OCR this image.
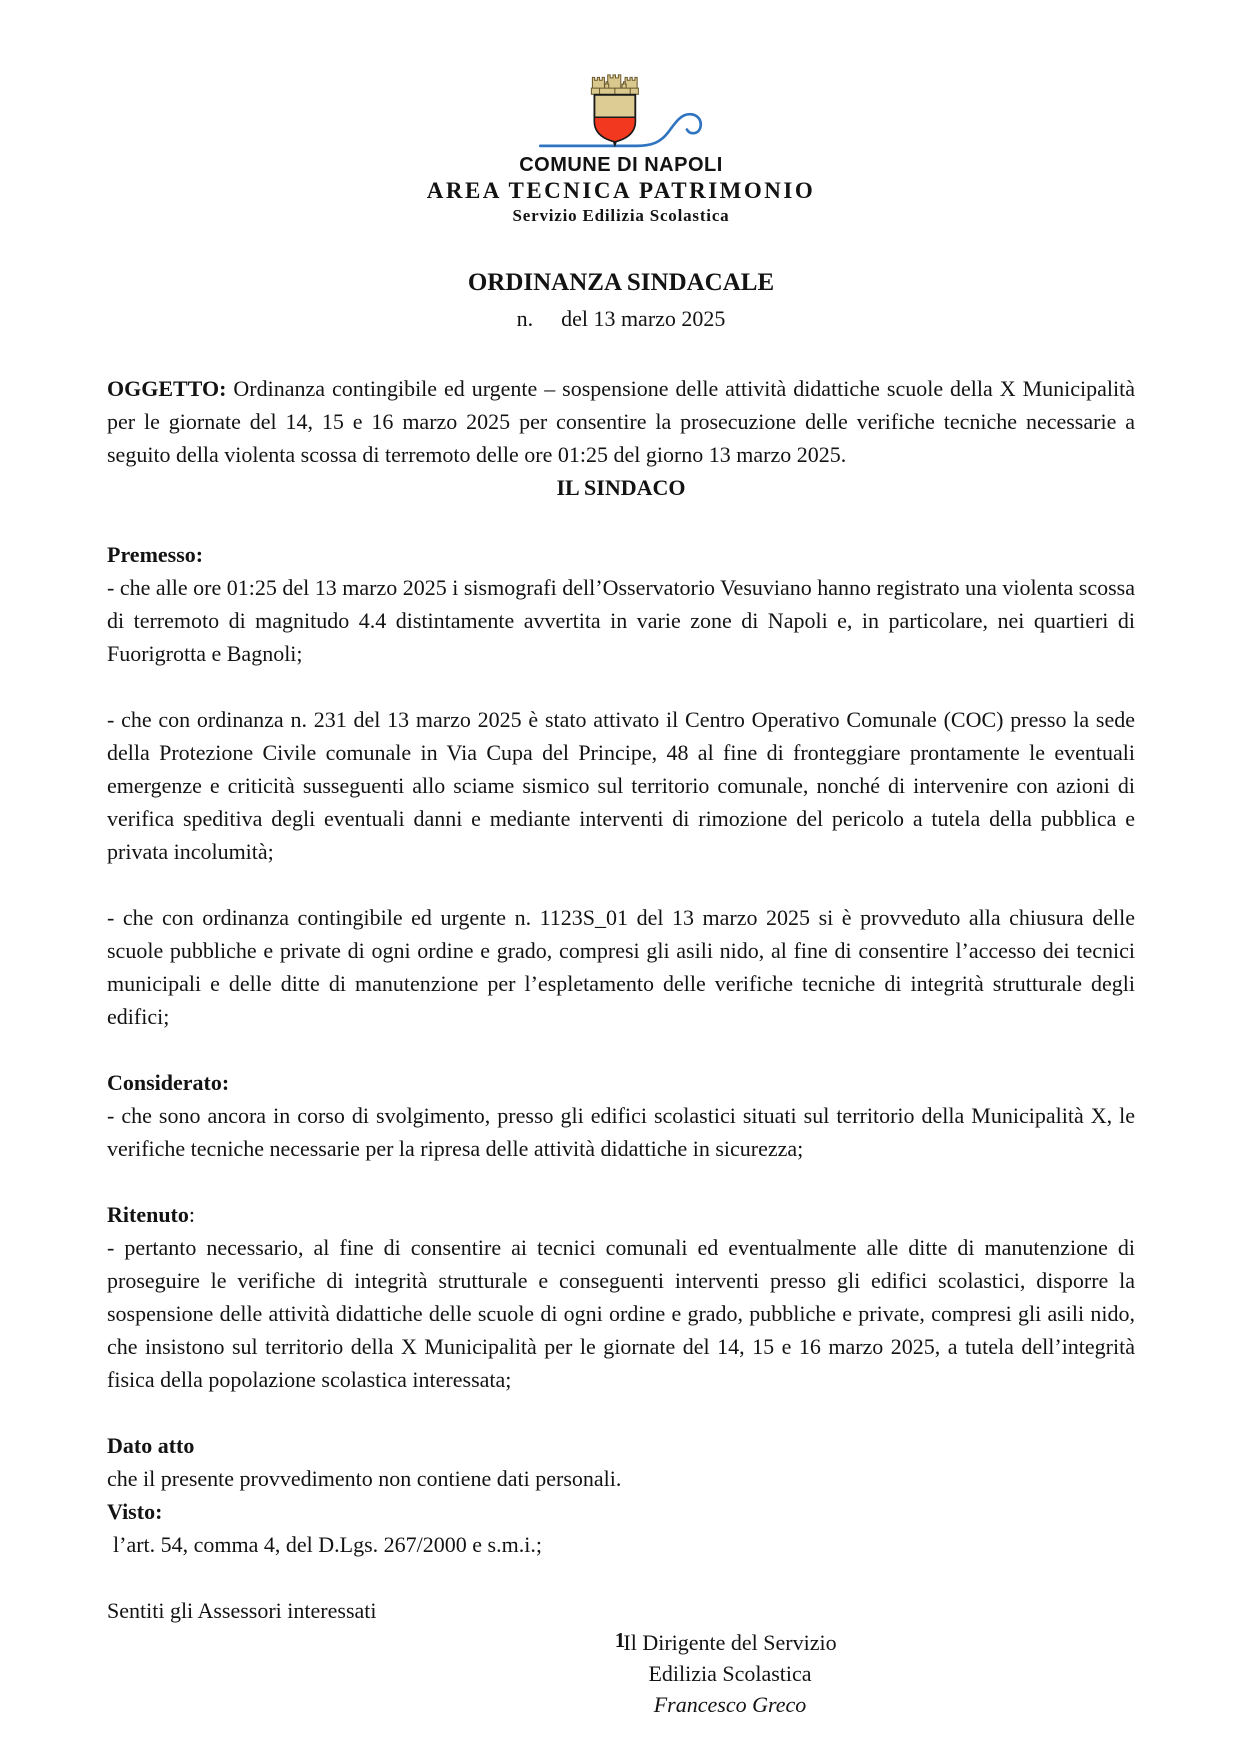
COMUNE DI NAPOLI
AREA TECNICA PATRIMONIO
Servizio Edilizia Scolastica
ORDINANZA SINDACALE
n. del 13 marzo 2025

OGGETTO: Ordinanza contingibile ed urgente – sospensione delle attività didattiche scuole della X Municipalità per le giornate del 14, 15 e 16 marzo 2025 per consentire la prosecuzione delle verifiche tecniche necessarie a seguito della violenta scossa di terremoto delle ore 01:25 del giorno 13 marzo 2025.

IL SINDACO
Premesso:

- che alle ore 01:25 del 13 marzo 2025 i sismografi dell’Osservatorio Vesuviano hanno registrato una violenta scossa di terremoto di magnitudo 4.4 distintamente avvertita in varie zone di Napoli e, in particolare, nei quartieri di Fuorigrotta e Bagnoli;

- che con ordinanza n. 231 del 13 marzo 2025 è stato attivato il Centro Operativo Comunale (COC) presso la sede della Protezione Civile comunale in Via Cupa del Principe, 48 al fine di fronteggiare prontamente le eventuali emergenze e criticità susseguenti allo sciame sismico sul territorio comunale, nonché di intervenire con azioni di verifica speditiva degli eventuali danni e mediante interventi di rimozione del pericolo a tutela della pubblica e privata incolumità;

- che con ordinanza contingibile ed urgente n. 1123S_01 del 13 marzo 2025 si è provveduto alla chiusura delle scuole pubbliche e private di ogni ordine e grado, compresi gli asili nido, al fine di consentire l’accesso dei tecnici municipali e delle ditte di manutenzione per l’espletamento delle verifiche tecniche di integrità strutturale degli edifici;

Considerato:

- che sono ancora in corso di svolgimento, presso gli edifici scolastici situati sul territorio della Municipalità X, le verifiche tecniche necessarie per la ripresa delle attività didattiche in sicurezza;

Ritenuto:

- pertanto necessario, al fine di consentire ai tecnici comunali ed eventualmente alle ditte di manutenzione di proseguire le verifiche di integrità strutturale e conseguenti interventi presso gli edifici scolastici, disporre la sospensione delle attività didattiche delle scuole di ogni ordine e grado, pubbliche e private, compresi gli asili nido, che insistono sul territorio della X Municipalità per le giornate del 14, 15 e 16 marzo 2025, a tutela dell’integrità fisica della popolazione scolastica interessata;

Dato atto

che il presente provvedimento non contiene dati personali.

Visto:

l’art. 54, comma 4, del D.Lgs. 267/2000 e s.m.i.;

Sentiti gli Assessori interessati

Il Dirigente del Servizio
Edilizia Scolastica
Francesco Greco
1
